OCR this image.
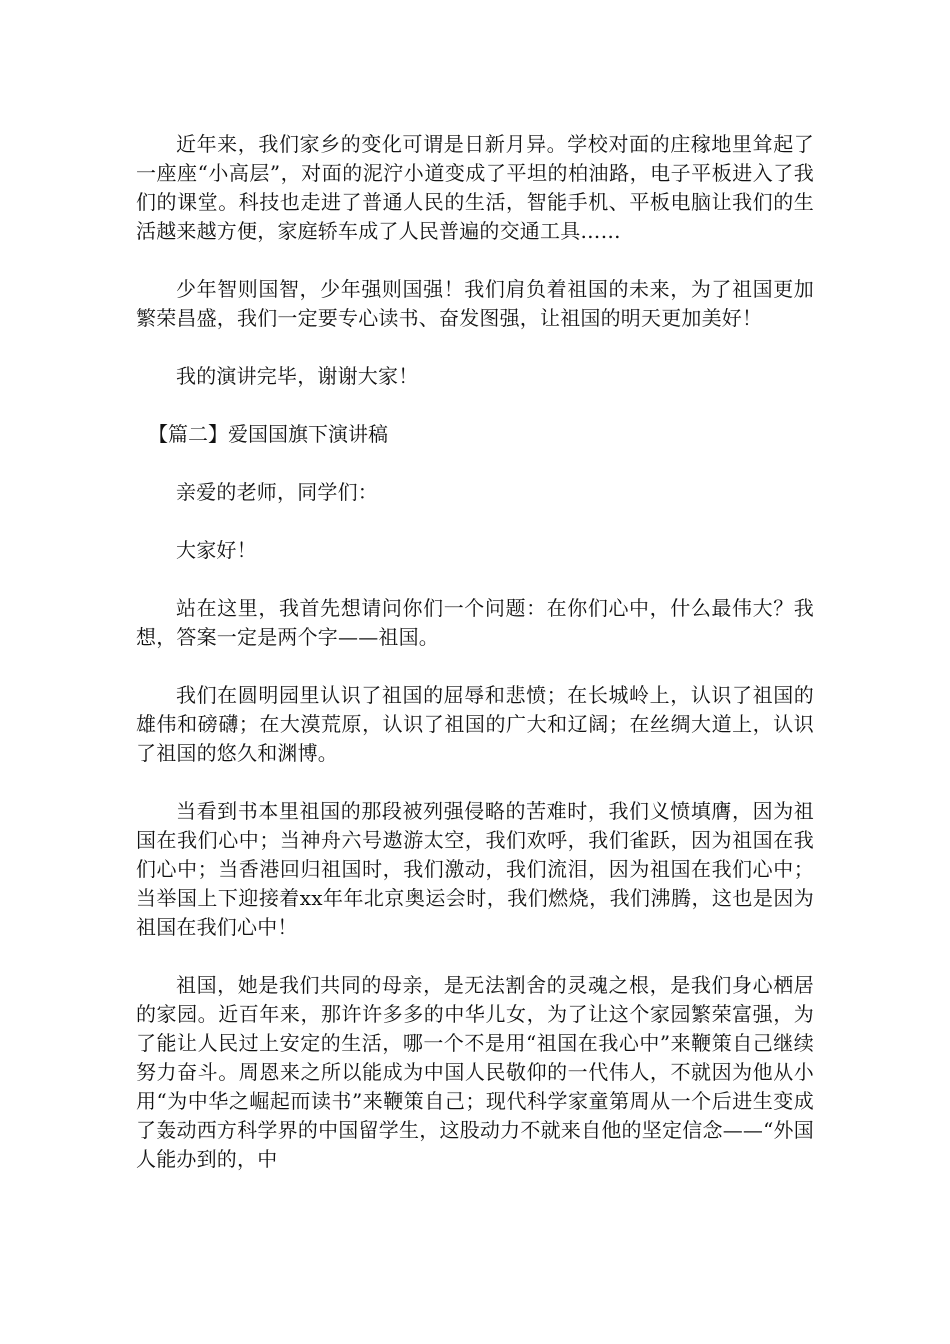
近年来，我们家乡的变化可谓是日新月异。学校对面的庄稼地里耸起了一座座“小高层”，对面的泥泞小道变成了平坦的柏油路，电子平板进入了我们的课堂。科技也走进了普通人民的生活，智能手机、平板电脑让我们的生活越来越方便，家庭轿车成了人民普遍的交通工具……

少年智则国智，少年强则国强！我们肩负着祖国的未来，为了祖国更加繁荣昌盛，我们一定要专心读书、奋发图强，让祖国的明天更加美好！

我的演讲完毕，谢谢大家！

【篇二】爱国国旗下演讲稿

亲爱的老师，同学们：

大家好！

站在这里，我首先想请问你们一个问题：在你们心中，什么最伟大？我想，答案一定是两个字——祖国。

我们在圆明园里认识了祖国的屈辱和悲愤；在长城岭上，认识了祖国的雄伟和磅礴；在大漠荒原，认识了祖国的广大和辽阔；在丝绸大道上，认识了祖国的悠久和渊博。

当看到书本里祖国的那段被列强侵略的苦难时，我们义愤填膺，因为祖国在我们心中；当神舟六号遨游太空，我们欢呼，我们雀跃，因为祖国在我们心中；当香港回归祖国时，我们激动，我们流泪，因为祖国在我们心中；当举国上下迎接着xx年年北京奥运会时，我们燃烧，我们沸腾，这也是因为祖国在我们心中！

祖国，她是我们共同的母亲，是无法割舍的灵魂之根，是我们身心栖居的家园。近百年来，那许许多多的中华儿女，为了让这个家园繁荣富强，为了能让人民过上安定的生活，哪一个不是用“祖国在我心中”来鞭策自己继续努力奋斗。周恩来之所以能成为中国人民敬仰的一代伟人，不就因为他从小用“为中华之崛起而读书”来鞭策自己；现代科学家童第周从一个后进生变成了轰动西方科学界的中国留学生，这股动力不就来自他的坚定信念——“外国人能办到的，中
